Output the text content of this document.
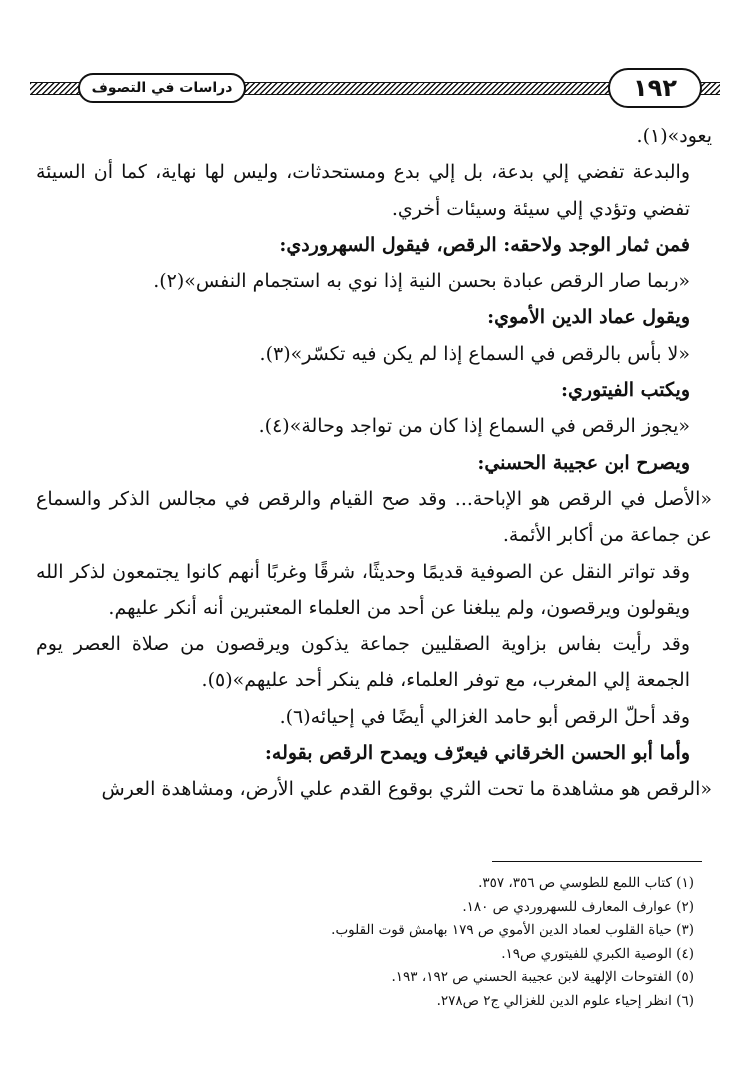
دراسات في التصوف	١٩٢

يعود»(١).

والبدعة تفضي إلي بدعة، بل إلي بدع ومستحدثات، وليس لها نهاية، كما أن السيئة تفضي وتؤدي إلي سيئة وسيئات أخري.

فمن ثمار الوجد ولاحقه: الرقص، فيقول السهروردي:

«ربما صار الرقص عبادة بحسن النية إذا نوي به استجمام النفس»(٢).

ويقول عماد الدين الأموي:

«لا بأس بالرقص في السماع إذا لم يكن فيه تكسّر»(٣).

ويكتب الفيتوري:

«يجوز الرقص في السماع إذا كان من تواجد وحالة»(٤).

ويصرح ابن عجيبة الحسني:

«الأصل في الرقص هو الإباحة... وقد صح القيام والرقص في مجالس الذكر والسماع عن جماعة من أكابر الأئمة.

وقد تواتر النقل عن الصوفية قديمًا وحديثًا، شرقًا وغربًا أنهم كانوا يجتمعون لذكر الله ويقولون ويرقصون، ولم يبلغنا عن أحد من العلماء المعتبرين أنه أنكر عليهم.

وقد رأيت بفاس بزاوية الصقليين جماعة يذكون ويرقصون من صلاة العصر يوم الجمعة إلي المغرب، مع توفر العلماء، فلم ينكر أحد عليهم»(٥).

وقد أحلّ الرقص أبو حامد الغزالي أيضًا في إحيائه(٦).

وأما أبو الحسن الخرقاني فيعرّف ويمدح الرقص بقوله:

«الرقص هو مشاهدة ما تحت الثري بوقوع القدم علي الأرض، ومشاهدة العرش

(١) كتاب اللمع للطوسي ص ٣٥٦، ٣٥٧.
(٢) عوارف المعارف للسهروردي ص ١٨٠.
(٣) حياة القلوب لعماد الدين الأموي ص ١٧٩ بهامش قوت القلوب.
(٤) الوصية الكبري للفيتوري ص١٩.
(٥) الفتوحات الإلهية لابن عجيبة الحسني ص ١٩٢، ١٩٣.
(٦) انظر إحياء علوم الدين للغزالي ج٢ ص٢٧٨.
